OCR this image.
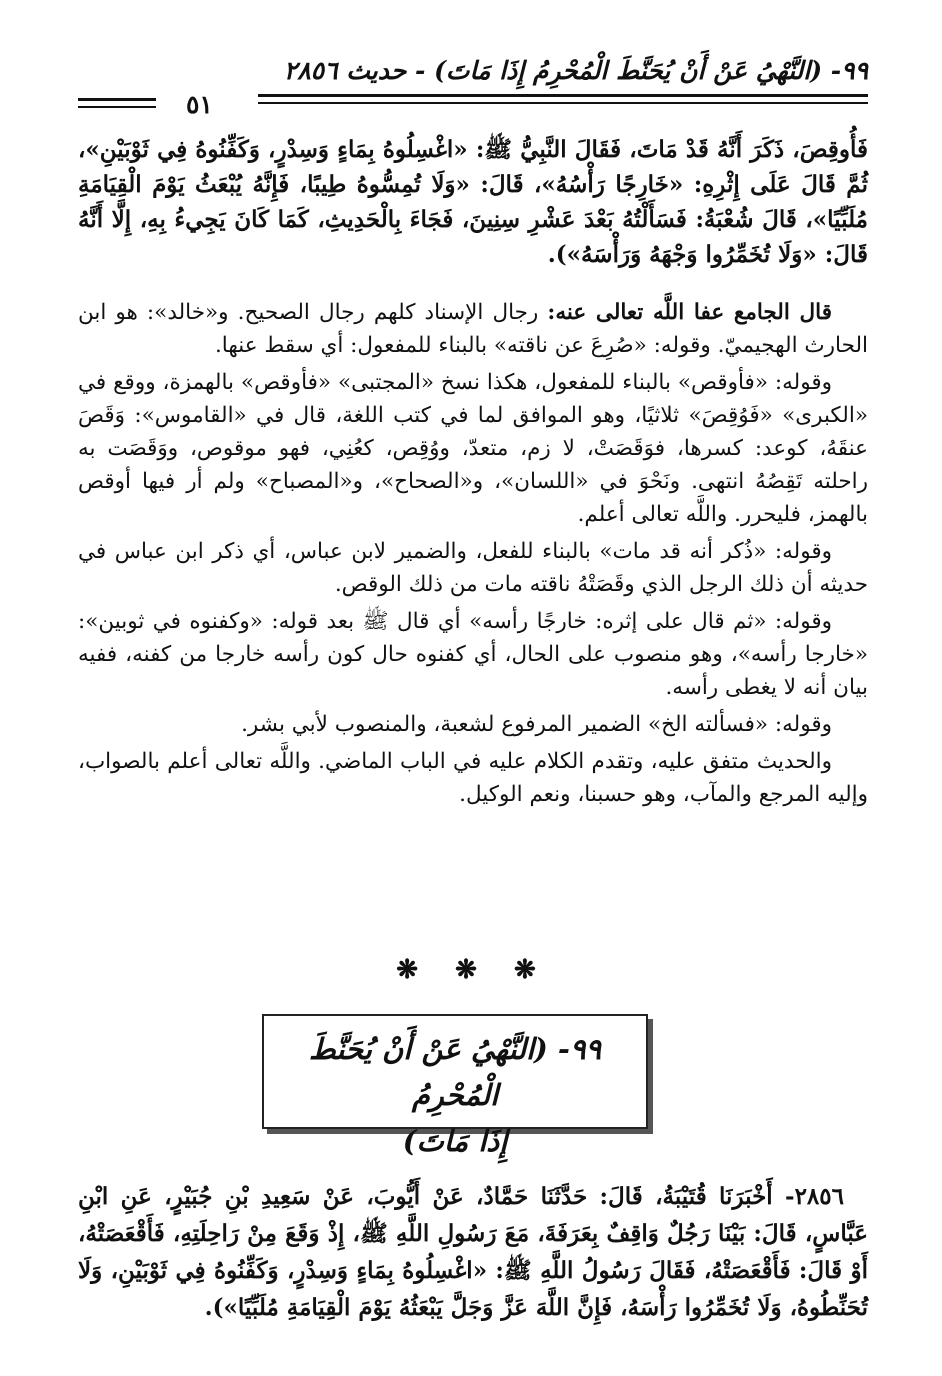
٩٩- (النَّهْيُ عَنْ أَنْ يُحَنَّطَ الْمُحْرِمُ إِذَا مَاتَ) - حديث ٢٨٥٦
٥١
فَأُوقِصَ، ذَكَرَ أَنَّهُ قَدْ مَاتَ، فَقَالَ النَّبِيُّ ﷺ: «اغْسِلُوهُ بِمَاءٍ وَسِدْرٍ، وَكَفِّنُوهُ فِي ثَوْبَيْنِ»، ثُمَّ قَالَ عَلَى إِثْرِهِ: «خَارِجًا رَأْسُهُ»، قَالَ: «وَلَا تُمِسُّوهُ طِيبًا، فَإِنَّهُ يُبْعَثُ يَوْمَ الْقِيَامَةِ مُلَبِّيًا»، قَالَ شُعْبَةُ: فَسَأَلْتُهُ بَعْدَ عَشْرِ سِنِينَ، فَجَاءَ بِالْحَدِيثِ، كَمَا كَانَ يَجِيءُ بِهِ، إِلَّا أَنَّهُ قَالَ: «وَلَا تُخَمِّرُوا وَجْهَهُ وَرَأْسَهُ»).

قال الجامع عفا اللَّه تعالى عنه: رجال الإسناد كلهم رجال الصحيح. و«خالد»: هو ابن الحارث الهجيميّ. وقوله: «صُرِعَ عن ناقته» بالبناء للمفعول: أي سقط عنها.

وقوله: «فأوقص» بالبناء للمفعول، هكذا نسخ «المجتبى» «فأوقص» بالهمزة، ووقع في «الكبرى» «فَوُقِصَ» ثلاثيًا، وهو الموافق لما في كتب اللغة، قال في «القاموس»: وَقَصَ عنقَهُ، كوعد: كسرها، فوَقَصَتْ، لا زم، متعدّ، ووُقِص، كعُنِي، فهو موقوص، ووَقَصَت به راحلته تَقِصُهُ انتهى. ونَحْوَ في «اللسان»، و«الصحاح»، و«المصباح» ولم أر فيها أوقص بالهمز، فليحرر. واللَّه تعالى أعلم.

وقوله: «ذُكر أنه قد مات» بالبناء للفعل، والضمير لابن عباس، أي ذكر ابن عباس في حديثه أن ذلك الرجل الذي وقَصَتْهُ ناقته مات من ذلك الوقص.

وقوله: «ثم قال على إثره: خارجًا رأسه» أي قال ﷺ بعد قوله: «وكفنوه في ثوبين»: «خارجا رأسه»، وهو منصوب على الحال، أي كفنوه حال كون رأسه خارجا من كفنه، ففيه بيان أنه لا يغطى رأسه.

وقوله: «فسألته الخ» الضمير المرفوع لشعبة، والمنصوب لأبي بشر.

والحديث متفق عليه، وتقدم الكلام عليه في الباب الماضي. واللَّه تعالى أعلم بالصواب، وإليه المرجع والمآب، وهو حسبنا، ونعم الوكيل.

❋ ❋ ❋
٩٩- (النَّهْيُ عَنْ أَنْ يُحَنَّطَ الْمُحْرِمُ
إِذَا مَاتَ)

٢٨٥٦- أَخْبَرَنَا قُتَيْبَةُ، قَالَ: حَدَّثَنَا حَمَّادٌ، عَنْ أَيُّوبَ، عَنْ سَعِيدِ بْنِ جُبَيْرٍ، عَنِ ابْنِ عَبَّاسٍ، قَالَ: بَيْنَا رَجُلٌ وَاقِفٌ بِعَرَفَةَ، مَعَ رَسُولِ اللَّهِ ﷺ، إِذْ وَقَعَ مِنْ رَاحِلَتِهِ، فَأَقْعَصَتْهُ، أَوْ قَالَ: فَأَقْعَصَتْهُ، فَقَالَ رَسُولُ اللَّهِ ﷺ: «اغْسِلُوهُ بِمَاءٍ وَسِدْرٍ، وَكَفِّنُوهُ فِي ثَوْبَيْنِ، وَلَا تُحَنِّطُوهُ، وَلَا تُخَمِّرُوا رَأْسَهُ، فَإِنَّ اللَّهَ عَزَّ وَجَلَّ يَبْعَثُهُ يَوْمَ الْقِيَامَةِ مُلَبِّيًا»).
